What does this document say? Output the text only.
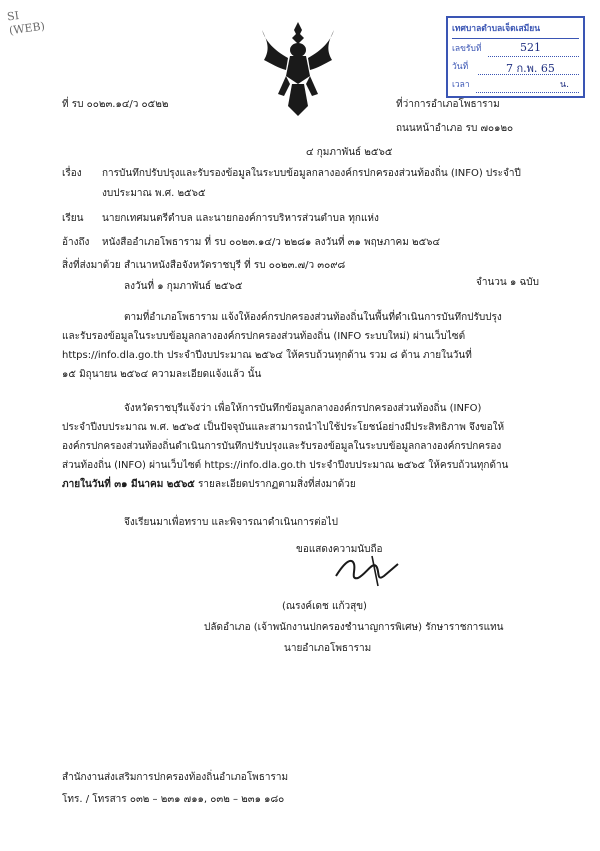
SI
(WEB)	เทศบาลตำบลเจ็ดเสมียน
เลขรับที่	521
วันที่	7 ก.พ. 65
เวลา	น.
ที่ รบ ๐๐๒๓.๑๔/ว ๐๕๒๒	ที่ว่าการอำเภอโพธาราม
ถนนหน้าอำเภอ รบ ๗๐๑๒๐
๔ กุมภาพันธ์ ๒๕๖๕
เรื่อง การบันทึกปรับปรุงและรับรองข้อมูลในระบบข้อมูลกลางองค์กรปกครองส่วนท้องถิ่น (INFO) ประจำปี
งบประมาณ พ.ศ. ๒๕๖๕
เรียน นายกเทศมนตรีตำบล และนายกองค์การบริหารส่วนตำบล ทุกแห่ง
อ้างถึง หนังสืออำเภอโพธาราม ที่ รบ ๐๐๒๓.๑๔/ว ๒๒๘๑ ลงวันที่ ๓๑ พฤษภาคม ๒๕๖๔
สิ่งที่ส่งมาด้วย สำเนาหนังสือจังหวัดราชบุรี ที่ รบ ๐๐๒๓.๗/ว ๓๐๙๘
ลงวันที่ ๑ กุมภาพันธ์ ๒๕๖๕	จำนวน ๑ ฉบับ
ตามที่อำเภอโพธาราม แจ้งให้องค์กรปกครองส่วนท้องถิ่นในพื้นที่ดำเนินการบันทึกปรับปรุง
และรับรองข้อมูลในระบบข้อมูลกลางองค์กรปกครองส่วนท้องถิ่น (INFO ระบบใหม่) ผ่านเว็บไซต์
https://info.dla.go.th ประจำปีงบประมาณ ๒๕๖๔ ให้ครบถ้วนทุกด้าน รวม ๘ ด้าน ภายในวันที่
๑๕ มิถุนายน ๒๕๖๔ ความละเอียดแจ้งแล้ว นั้น
จังหวัดราชบุรีแจ้งว่า เพื่อให้การบันทึกข้อมูลกลางองค์กรปกครองส่วนท้องถิ่น (INFO)
ประจำปีงบประมาณ พ.ศ. ๒๕๖๕ เป็นปัจจุบันและสามารถนำไปใช้ประโยชน์อย่างมีประสิทธิภาพ จึงขอให้
องค์กรปกครองส่วนท้องถิ่นดำเนินการบันทึกปรับปรุงและรับรองข้อมูลในระบบข้อมูลกลางองค์กรปกครอง
ส่วนท้องถิ่น (INFO) ผ่านเว็บไซต์ https://info.dla.go.th ประจำปีงบประมาณ ๒๕๖๕ ให้ครบถ้วนทุกด้าน
ภายในวันที่ ๓๑ มีนาคม ๒๕๖๕ รายละเอียดปรากฏตามสิ่งที่ส่งมาด้วย
จึงเรียนมาเพื่อทราบ และพิจารณาดำเนินการต่อไป
ขอแสดงความนับถือ
(ณรงค์เดช แก้วสุข)
ปลัดอำเภอ (เจ้าพนักงานปกครองชำนาญการพิเศษ) รักษาราชการแทน
นายอำเภอโพธาราม
สำนักงานส่งเสริมการปกครองท้องถิ่นอำเภอโพธาราม
โทร. / โทรสาร ๐๓๒ – ๒๓๑ ๗๑๑, ๐๓๒ – ๒๓๑ ๑๘๐
